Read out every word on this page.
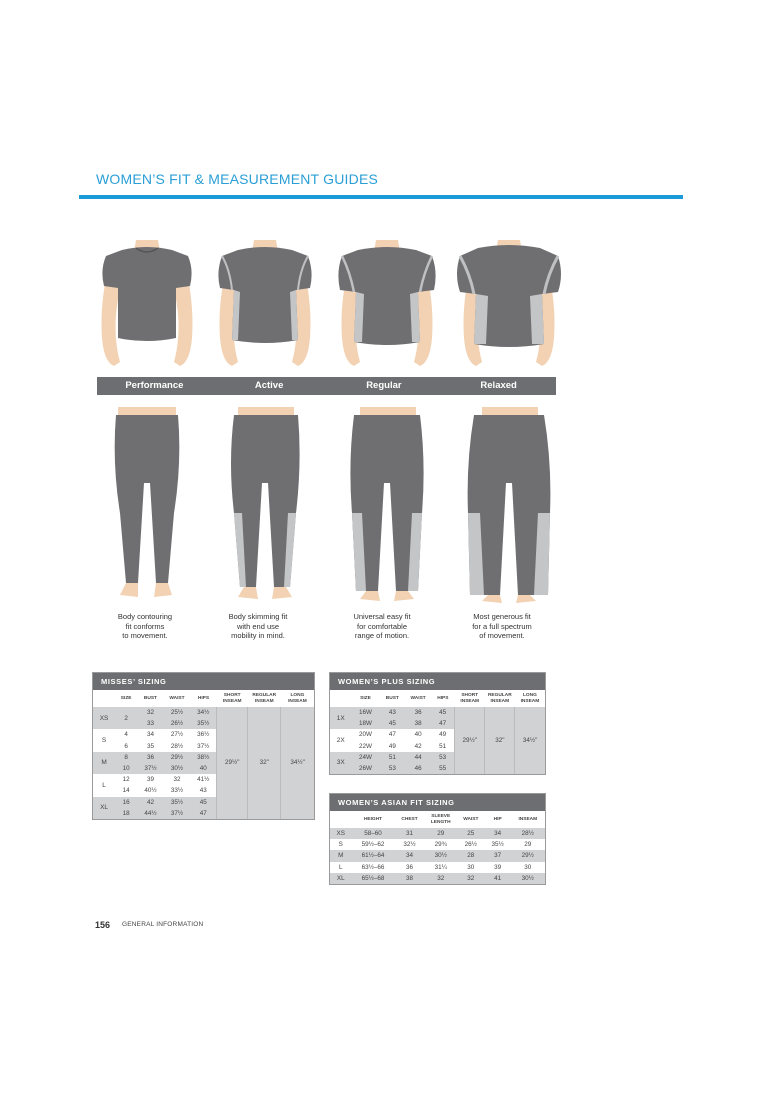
WOMEN’S FIT & MEASUREMENT GUIDES
Performance	Active	Regular	Relaxed
Body contouring
fit conforms
to movement.
Body skimming fit
with end use
mobility in mind.
Universal easy fit
for comfortable
range of motion.
Most generous fit
for a full spectrum
of movement.
MISSES’ SIZING
	SIZE	BUST	WAIST	HIPS	SHORT INSEAM	REGULAR INSEAM	LONG INSEAM
XS	2	32	25½	34½	29½"	32"	34½"
		33	26½	35½			
S	4	34	27½	36½			
	6	35	28½	37½			
M	8	36	29½	38½			
	10	37½	30½	40			
L	12	39	32	41½			
	14	40½	33½	43			
XL	16	42	35½	45			
	18	44½	37½	47			
WOMEN’S PLUS SIZING
	SIZE	BUST	WAIST	HIPS	SHORT INSEAM	REGULAR INSEAM	LONG INSEAM
1X	16W	43	36	45	29½"	32"	34½"
	18W	45	38	47			
2X	20W	47	40	49			
	22W	49	42	51			
3X	24W	51	44	53			
	26W	53	46	55			
WOMEN’S ASIAN FIT SIZING
	HEIGHT	CHEST	SLEEVE LENGTH	WAIST	HIP	INSEAM
XS	58–60	31	29	25	34	28½
S	59½–62	32½	29¾	26½	35½	29
M	61½–64	34	30½	28	37	29½
L	63½–66	36	31¼	30	39	30
XL	65½–68	38	32	32	41	30½
156 GENERAL INFORMATION
